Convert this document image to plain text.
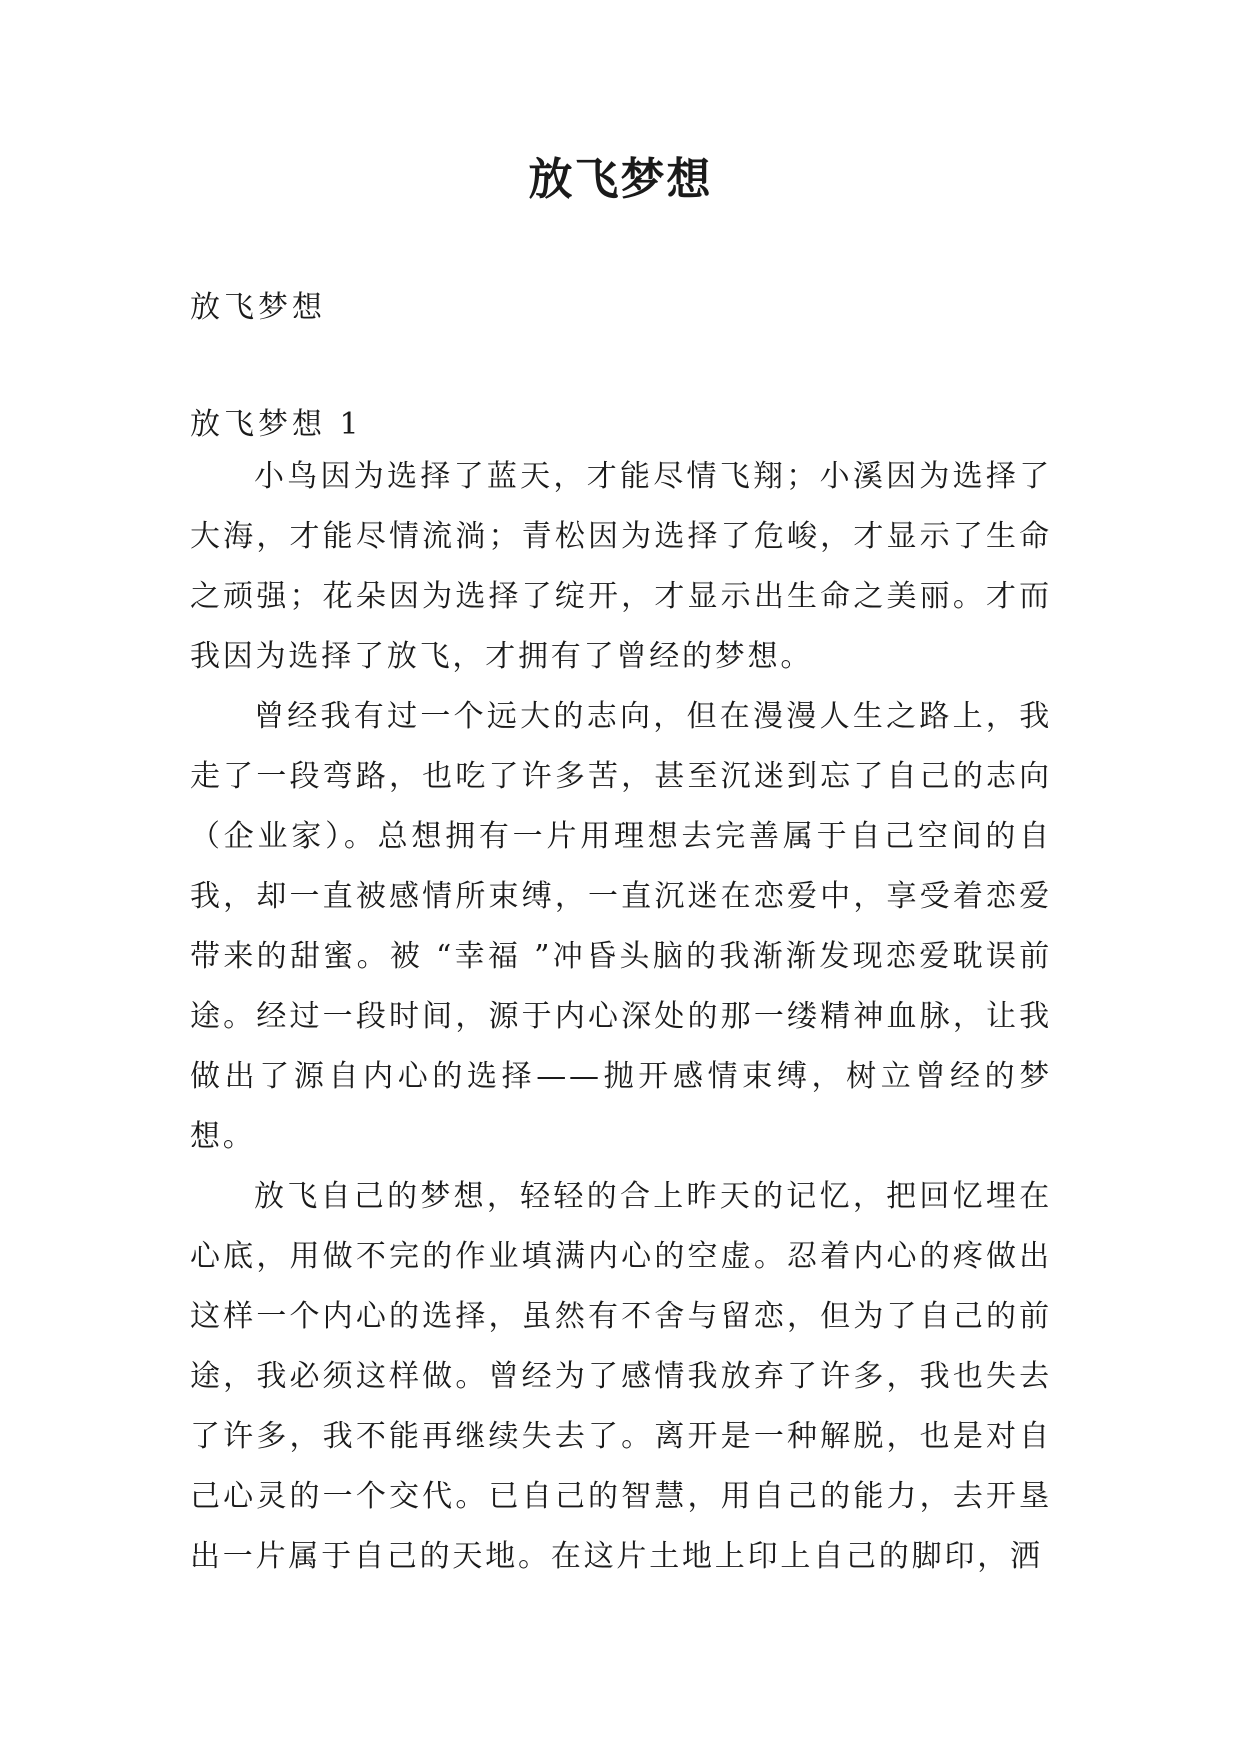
放飞梦想

放飞梦想

放飞梦想 1

小鸟因为选择了蓝天，才能尽情飞翔；小溪因为选择了大海，才能尽情流淌；青松因为选择了危峻，才显示了生命之顽强；花朵因为选择了绽开，才显示出生命之美丽。才而我因为选择了放飞，才拥有了曾经的梦想。

曾经我有过一个远大的志向，但在漫漫人生之路上，我走了一段弯路，也吃了许多苦，甚至沉迷到忘了自己的志向（企业家）。总想拥有一片用理想去完善属于自己空间的自我，却一直被感情所束缚，一直沉迷在恋爱中，享受着恋爱带来的甜蜜。被 “幸福 ”冲昏头脑的我渐渐发现恋爱耽误前途。经过一段时间，源于内心深处的那一缕精神血脉，让我做出了源自内心的选择——抛开感情束缚，树立曾经的梦想。

放飞自己的梦想，轻轻的合上昨天的记忆，把回忆埋在心底，用做不完的作业填满内心的空虚。忍着内心的疼做出这样一个内心的选择，虽然有不舍与留恋，但为了自己的前途，我必须这样做。曾经为了感情我放弃了许多，我也失去了许多，我不能再继续失去了。离开是一种解脱，也是对自己心灵的一个交代。已自己的智慧，用自己的能力，去开垦出一片属于自己的天地。在这片土地上印上自己的脚印，洒
